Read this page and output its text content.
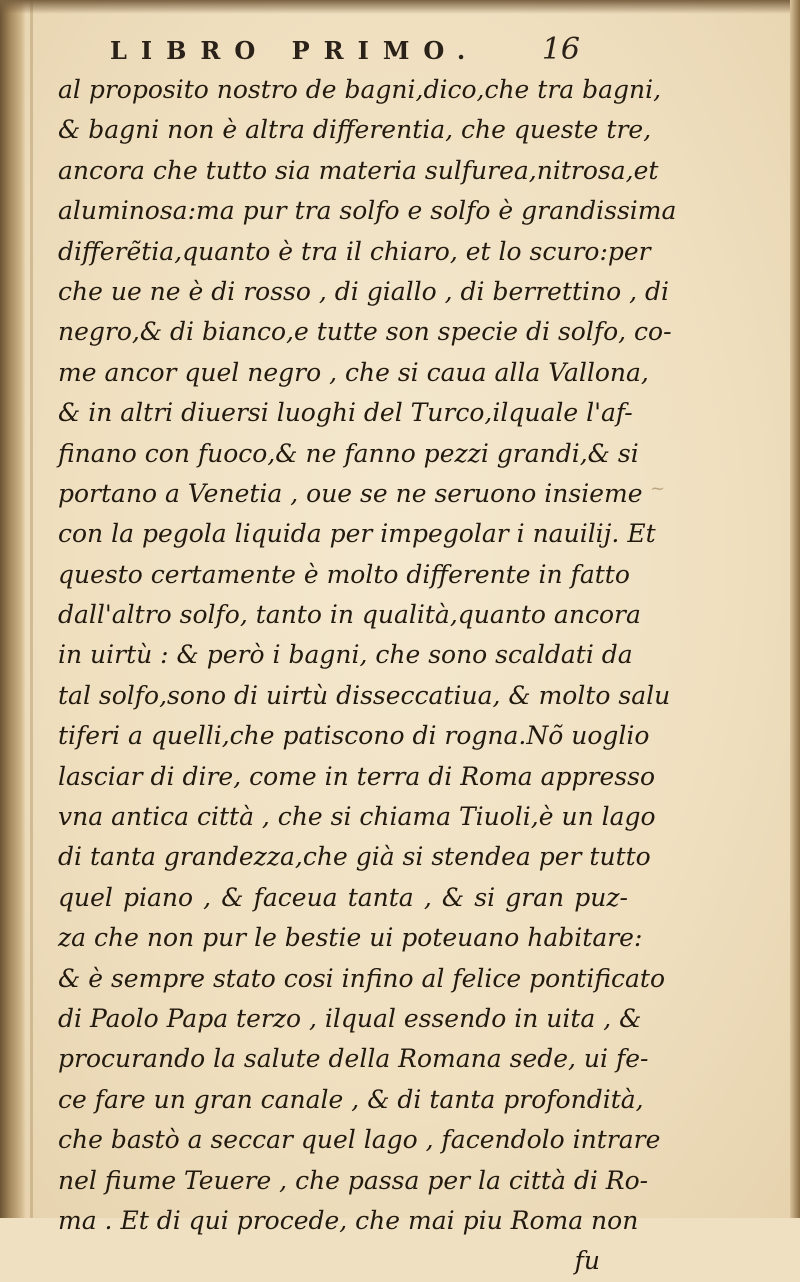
LIBRO PRIMO. 16
al proposito nostro de bagni,dico,che tra bagni,
& bagni non è altra differentia, che queste tre,
ancora che tutto sia materia sulfurea,nitrosa,et
aluminosa:ma pur tra solfo e solfo è grandissima
differẽtia,quanto è tra il chiaro, et lo scuro:per
che ue ne è di rosso , di giallo , di berrettino , di
negro,& di bianco,e tutte son specie di solfo, co-
me ancor quel negro , che si caua alla Vallona,
& in altri diuersi luoghi del Turco,ilquale l'af-
finano con fuoco,& ne fanno pezzi grandi,& si
portano a Venetia , oue se ne seruono insieme
con la pegola liquida per impegolar i nauilij. Et
questo certamente è molto differente in fatto
dall'altro solfo, tanto in qualità,quanto ancora
in uirtù : & però i bagni, che sono scaldati da
tal solfo,sono di uirtù disseccatiua, & molto salu
tiferi a quelli,che patiscono di rogna.Nõ uoglio
lasciar di dire, come in terra di Roma appresso
vna antica città , che si chiama Tiuoli,è un lago
di tanta grandezza,che già si stendea per tutto
quel piano , & faceua tanta , & si gran puz-
za che non pur le bestie ui poteuano habitare:
& è sempre stato cosi infino al felice pontificato
di Paolo Papa terzo , ilqual essendo in uita , &
procurando la salute della Romana sede, ui fe-
ce fare un gran canale , & di tanta profondità,
che bastò a seccar quel lago , facendolo intrare
nel fiume Teuere , che passa per la città di Ro-
ma . Et di qui procede, che mai piu Roma non
fu
~
